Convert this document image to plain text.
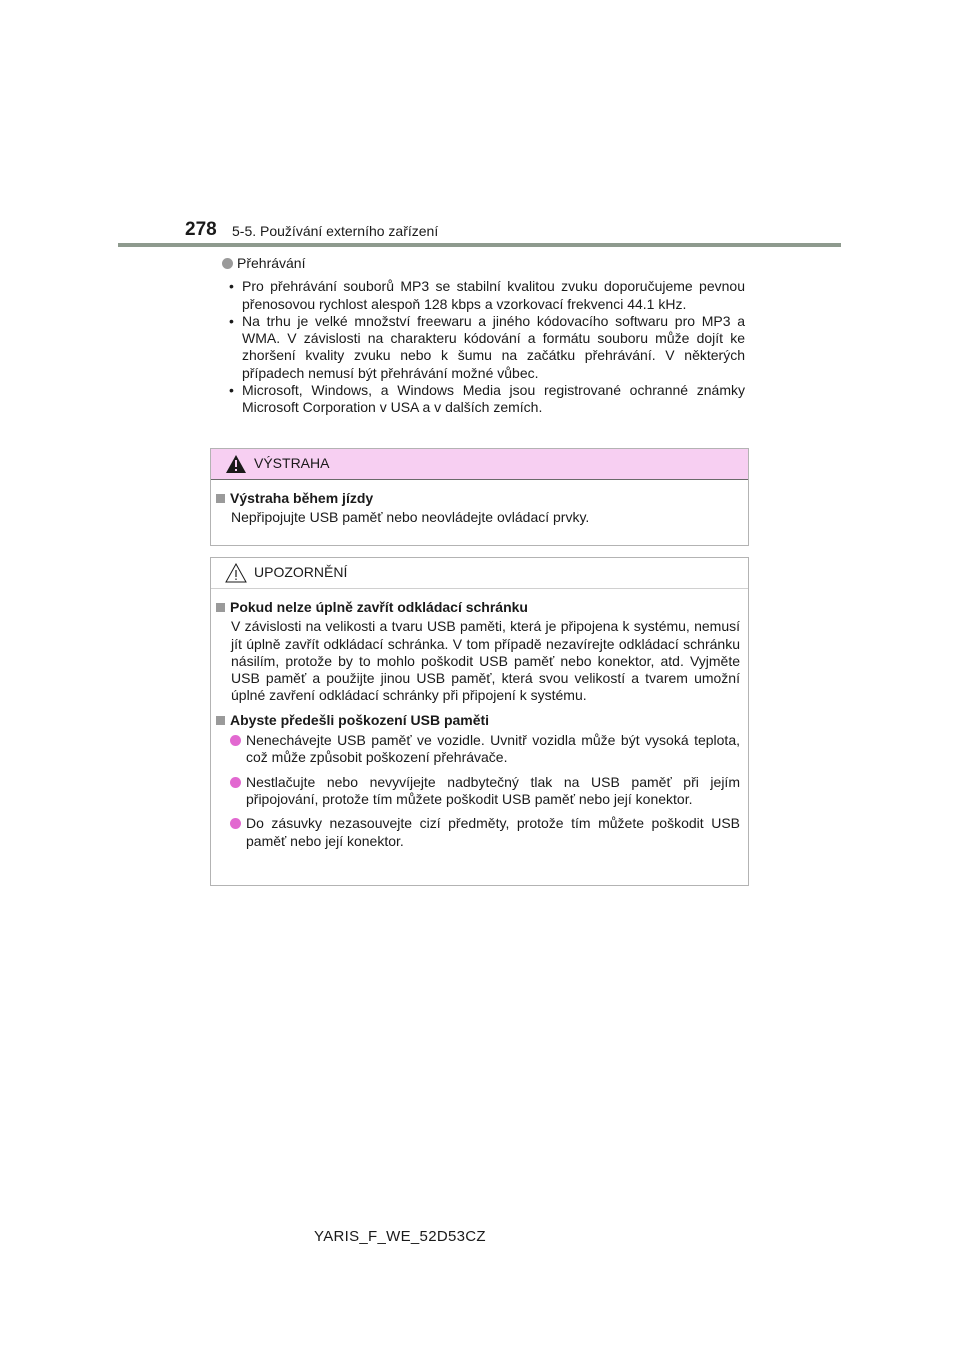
278 5-5. Používání externího zařízení
Přehrávání
• Pro přehrávání souborů MP3 se stabilní kvalitou zvuku doporučujeme pevnou přenosovou rychlost alespoň 128 kbps a vzorkovací frekvenci 44.1 kHz.
• Na trhu je velké množství freewaru a jiného kódovacího softwaru pro MP3 a WMA. V závislosti na charakteru kódování a formátu souboru může dojít ke zhoršení kvality zvuku nebo k šumu na začátku přehrávání. V některých případech nemusí být přehrávání možné vůbec.
• Microsoft, Windows, a Windows Media jsou registrované ochranné známky Microsoft Corporation v USA a v dalších zemích.
VÝSTRAHA
Výstraha během jízdy
Nepřipojujte USB paměť nebo neovládejte ovládací prvky.
UPOZORNĚNÍ
Pokud nelze úplně zavřít odkládací schránku
V závislosti na velikosti a tvaru USB paměti, která je připojena k systému, nemusí jít úplně zavřít odkládací schránka. V tom případě nezavírejte odkládací schránku násilím, protože by to mohlo poškodit USB paměť nebo konektor, atd. Vyjměte USB paměť a použijte jinou USB paměť, která svou velikostí a tvarem umožní úplné zavření odkládací schránky při připojení k systému.
Abyste předešli poškození USB paměti
Nenechávejte USB paměť ve vozidle. Uvnitř vozidla může být vysoká teplota, což může způsobit poškození přehrávače.
Nestlačujte nebo nevyvíjejte nadbytečný tlak na USB paměť při jejím připojování, protože tím můžete poškodit USB paměť nebo její konektor.
Do zásuvky nezasouvejte cizí předměty, protože tím můžete poškodit USB paměť nebo její konektor.
YARIS_F_WE_52D53CZ
